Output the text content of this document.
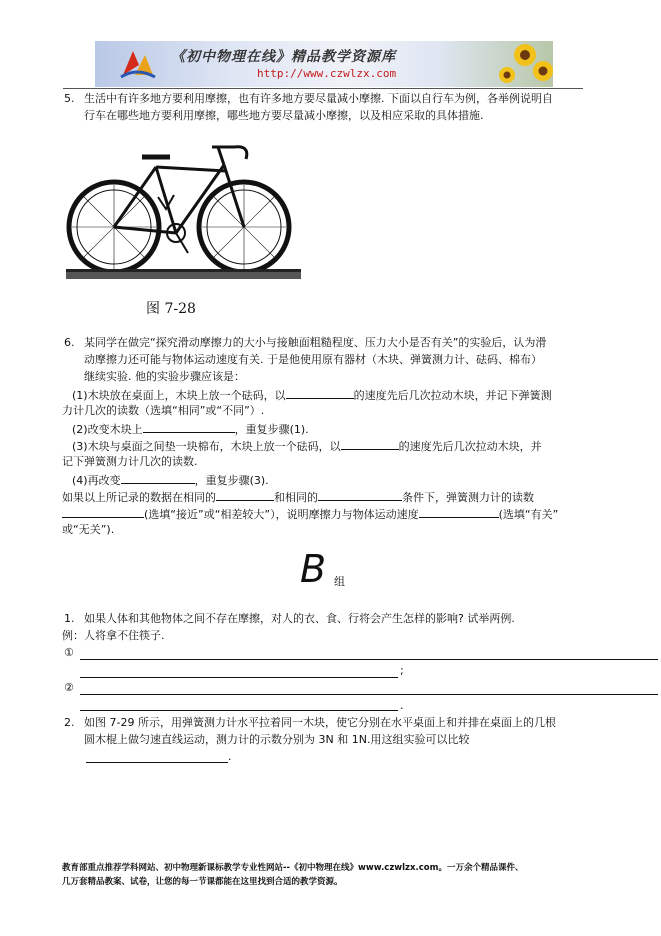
《初中物理在线》精品教学资源库
http://www.czwlzx.com
5. 生活中有许多地方要利用摩擦，也有许多地方要尽量减小摩擦. 下面以自行车为例，各举例说明自
行车在哪些地方要利用摩擦，哪些地方要尽量减小摩擦，以及相应采取的具体措施.
图 7-28
6. 某同学在做完“探究滑动摩擦力的大小与接触面粗糙程度、压力大小是否有关”的实验后，认为滑
动摩擦力还可能与物体运动速度有关. 于是他使用原有器材（木块、弹簧测力计、砝码、棉布）
继续实验. 他的实验步骤应该是：
(1)木块放在桌面上，木块上放一个砝码，以	的速度先后几次拉动木块，并记下弹簧测
力计几次的读数（选填“相同”或“不同”）.
(2)改变木块上	，重复步骤(1).
(3)木块与桌面之间垫一块棉布，木块上放一个砝码，以	的速度先后几次拉动木块，并
记下弹簧测力计几次的读数.
(4)再改变	，重复步骤(3).
如果以上所记录的数据在相同的	和相同的	条件下，弹簧测力计的读数
(选填“接近”或“相差较大”），说明摩擦力与物体运动速度	(选填“有关”
或“无关”).
B 组
1. 如果人体和其他物体之间不存在摩擦，对人的衣、食、行将会产生怎样的影响? 试举两例.
例：人将拿不住筷子.
①
;
②
.
2. 如图 7-29 所示，用弹簧测力计水平拉着同一木块，使它分别在水平桌面上和并排在桌面上的几根
圆木棍上做匀速直线运动，测力计的示数分别为 3N 和 1N.用这组实验可以比较
.
教育部重点推荐学科网站、初中物理新课标教学专业性网站--《初中物理在线》www.czwlzx.com。一万余个精品课件、
几万套精品教案、试卷，让您的每一节课都能在这里找到合适的教学资源。
